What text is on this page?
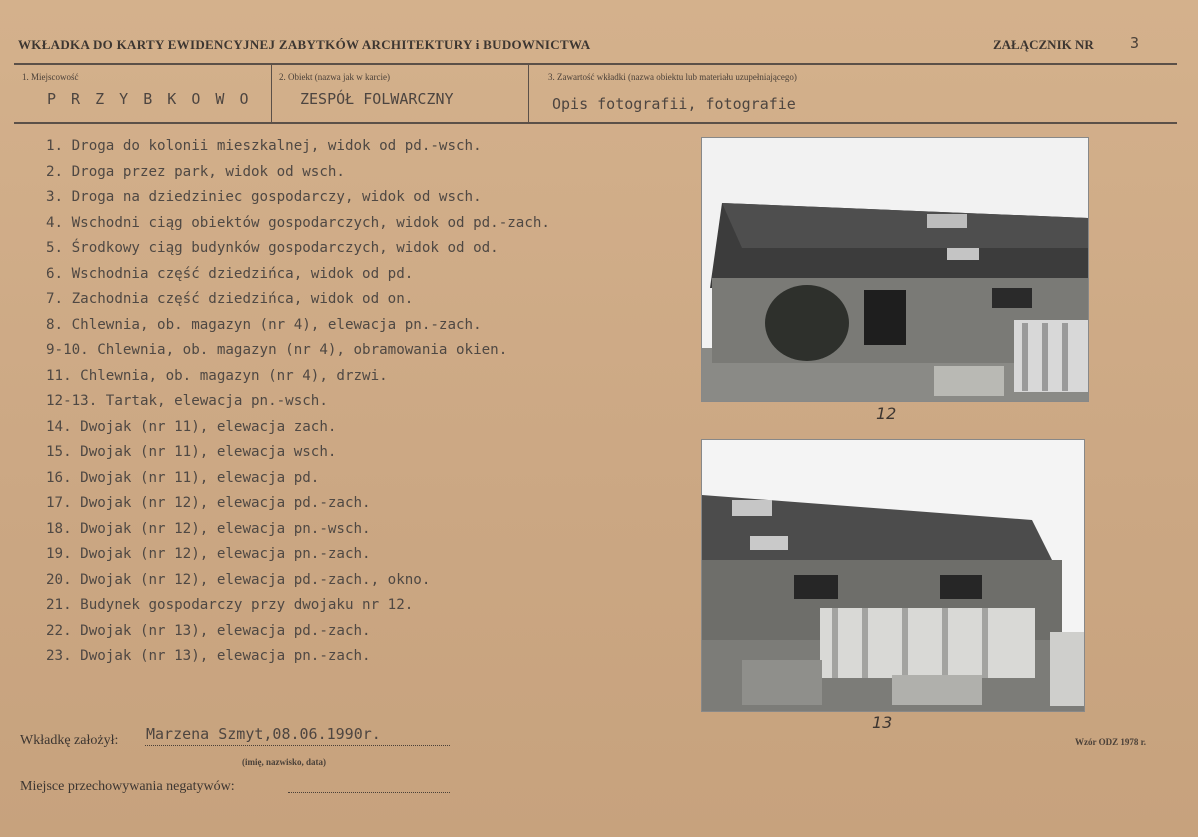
WKŁADKA DO KARTY EWIDENCYJNEJ ZABYTKÓW ARCHITEKTURY i BUDOWNICTWA	ZAŁĄCZNIK NR 3
1. Miejscowość
P R Z Y B K O W O
2. Obiekt (nazwa jak w karcie)
ZESPÓŁ FOLWARCZNY
3. Zawartość wkładki (nazwa obiektu lub materiału uzupełniającego)
Opis fotografii, fotografie
1. Droga do kolonii mieszkalnej, widok od pd.-wsch.
2. Droga przez park, widok od wsch.
3. Droga na dziedziniec gospodarczy, widok od wsch.
4. Wschodni ciąg obiektów gospodarczych, widok od pd.-zach.
5. Środkowy ciąg budynków gospodarczych, widok od od.
6. Wschodnia część dziedzińca, widok od pd.
7. Zachodnia część dziedzińca, widok od on.
8. Chlewnia, ob. magazyn (nr 4), elewacja pn.-zach.
9-10. Chlewnia, ob. magazyn (nr 4), obramowania okien.
11. Chlewnia, ob. magazyn (nr 4), drzwi.
12-13. Tartak, elewacja pn.-wsch.
14. Dwojak (nr 11), elewacja zach.
15. Dwojak (nr 11), elewacja wsch.
16. Dwojak (nr 11), elewacja pd.
17. Dwojak (nr 12), elewacja pd.-zach.
18. Dwojak (nr 12), elewacja pn.-wsch.
19. Dwojak (nr 12), elewacja pn.-zach.
20. Dwojak (nr 12), elewacja pd.-zach., okno.
21. Budynek gospodarczy przy dwojaku nr 12.
22. Dwojak (nr 13), elewacja pd.-zach.
23. Dwojak (nr 13), elewacja pn.-zach.
12
13
Wkładkę założył: Marzena Szmyt,08.06.1990r.
(imię, nazwisko, data)
Miejsce przechowywania negatywów:
Wzór ODZ 1978 r.
